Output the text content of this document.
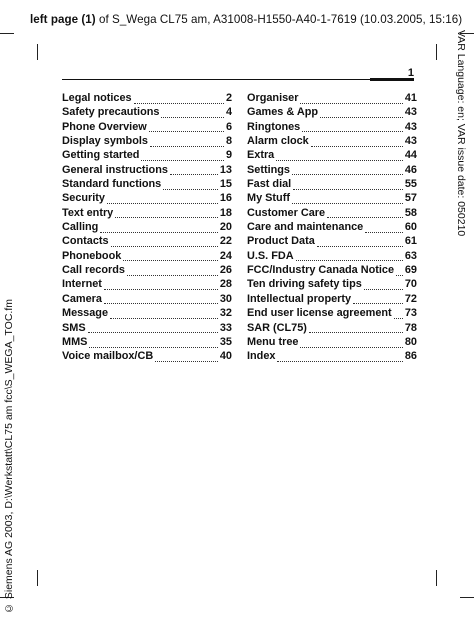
left page (1) of S_Wega CL75 am, A31008-H1550-A40-1-7619 (10.03.2005, 15:16)
1	VAR Language: en; VAR issue date: 050210
© Siemens AG 2003, D:\Werkstatt\CL75 am fcc\S_WEGA_TOC.fm
Legal notices	2
Safety precautions	4
Phone Overview	6
Display symbols	8
Getting started	9
General instructions	13
Standard functions	15
Security	16
Text entry	18
Calling	20
Contacts	22
Phonebook	24
Call records	26
Internet	28
Camera	30
Message	32
SMS	33
MMS	35
Voice mailbox/CB	40
Organiser	41
Games & App	43
Ringtones	43
Alarm clock	43
Extra	44
Settings	46
Fast dial	55
My Stuff	57
Customer Care	58
Care and maintenance	60
Product Data	61
U.S. FDA	63
FCC/Industry Canada Notice 69
Ten driving safety tips	70
Intellectual property	72
End user license agreement 73
SAR (CL75)	78
Menu tree	80
Index	86
